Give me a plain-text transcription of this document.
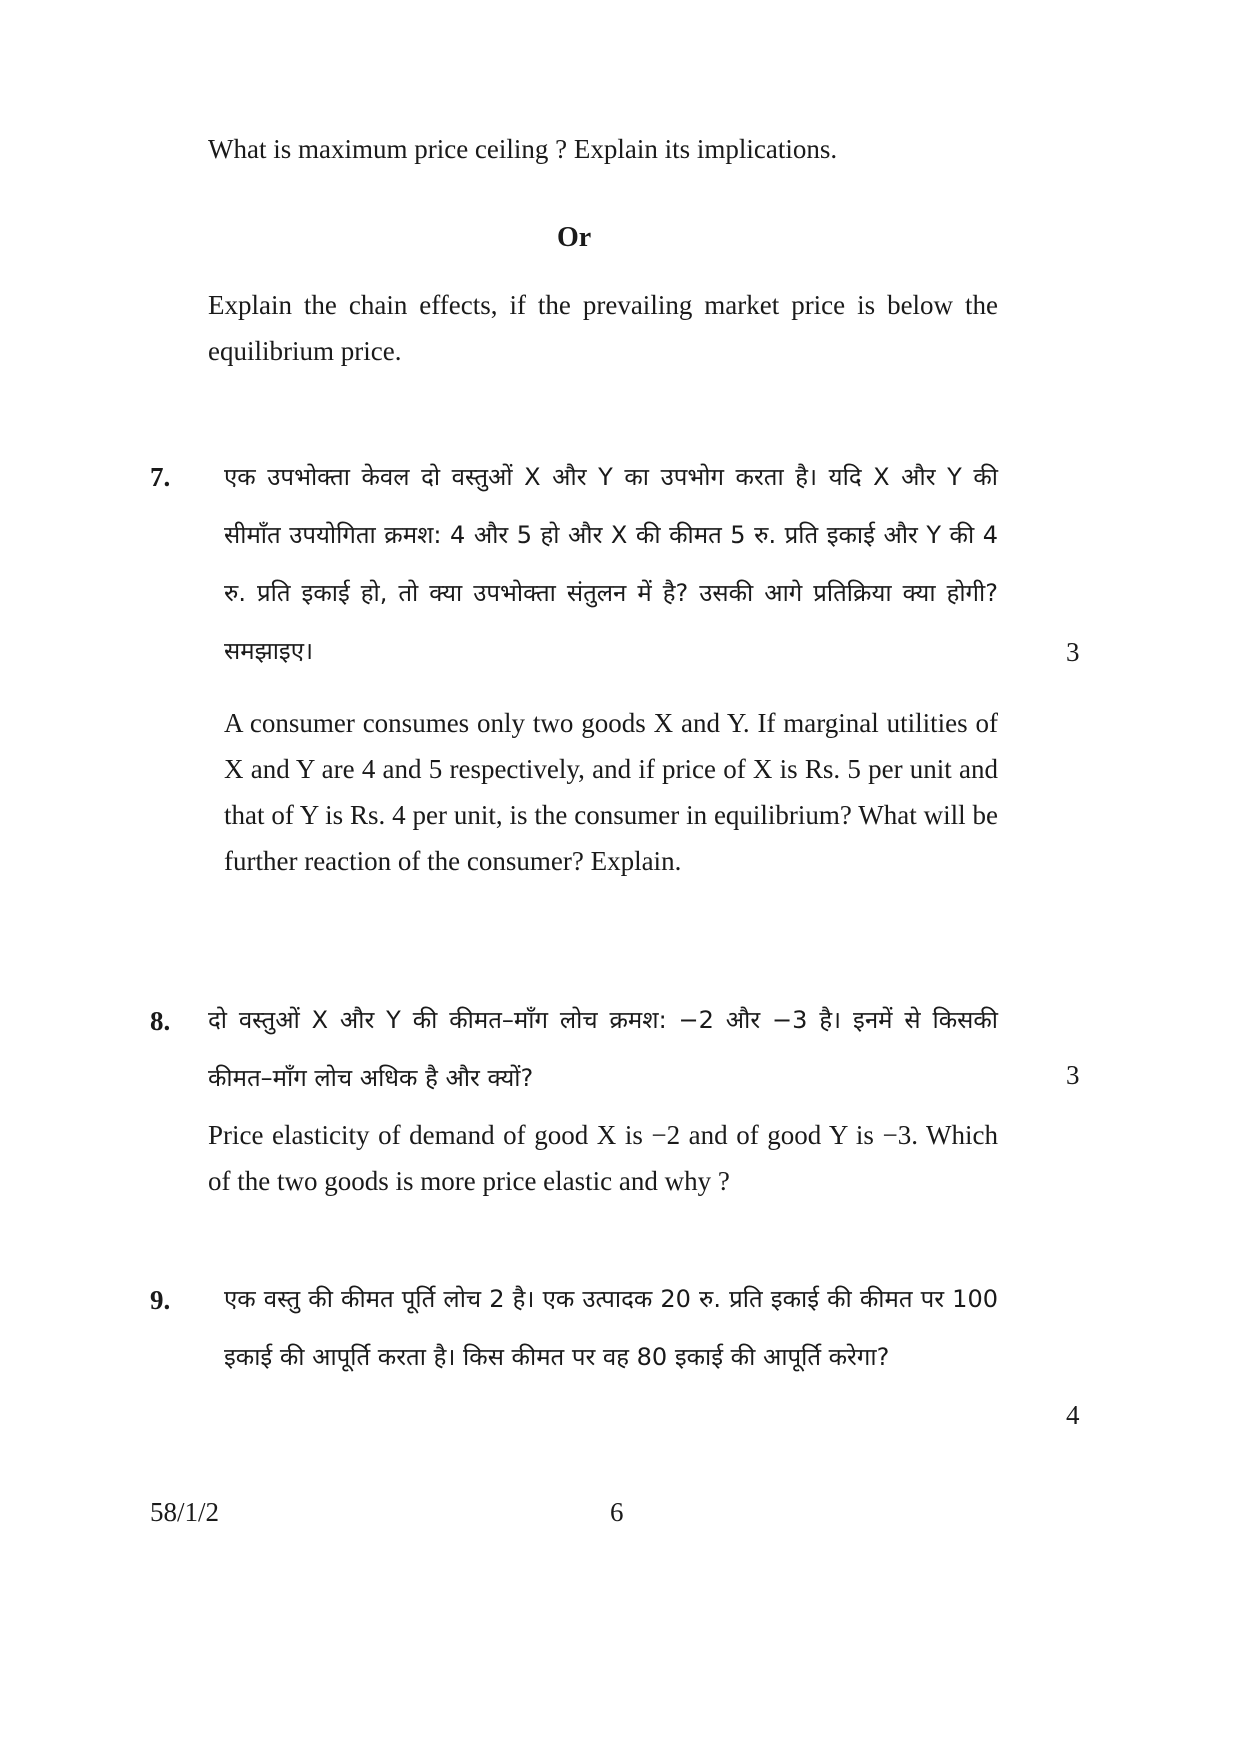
What is maximum price ceiling ? Explain its implications.
Or
Explain the chain effects, if the prevailing market price is below the equilibrium price.
7. एक उपभोक्ता केवल दो वस्तुओं X और Y का उपभोग करता है। यदि X और Y की सीमाँत उपयोगिता क्रमश: 4 और 5 हो और X की कीमत 5 रु. प्रति इकाई और Y की 4 रु. प्रति इकाई हो, तो क्या उपभोक्ता संतुलन में है? उसकी आगे प्रतिक्रिया क्या होगी? समझाइए।	3
A consumer consumes only two goods X and Y. If marginal utilities of X and Y are 4 and 5 respectively, and if price of X is Rs. 5 per unit and that of Y is Rs. 4 per unit, is the consumer in equilibrium? What will be further reaction of the consumer? Explain.
8. दो वस्तुओं X और Y की कीमत–माँग लोच क्रमश: −2 और −3 है। इनमें से किसकी कीमत–माँग लोच अधिक है और क्यों?	3
Price elasticity of demand of good X is −2 and of good Y is −3. Which of the two goods is more price elastic and why ?
9. एक वस्तु की कीमत पूर्ति लोच 2 है। एक उत्पादक 20 रु. प्रति इकाई की कीमत पर 100 इकाई की आपूर्ति करता है। किस कीमत पर वह 80 इकाई की आपूर्ति करेगा?
4
58/1/2	6
